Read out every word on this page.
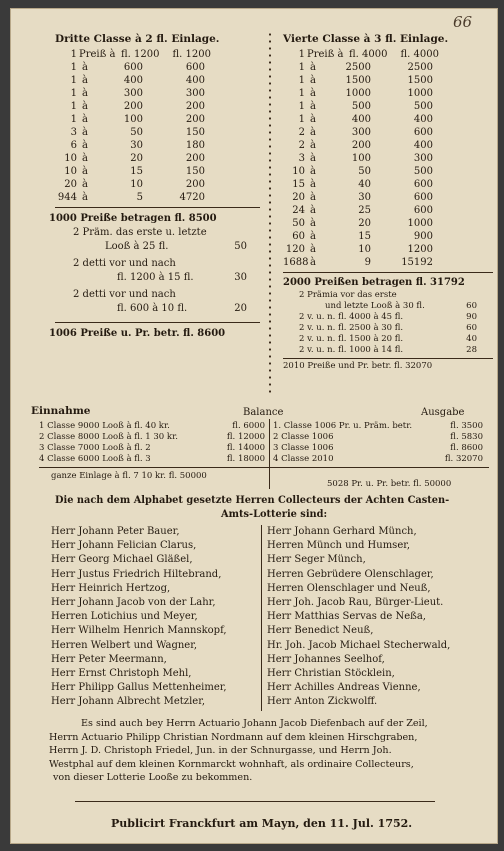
66
Dritte Classe à 2 fl. Einlage.
1 Preiß à fl. 1200	fl. 1200
1 à	600	600
1 à	400	400
1 à	300	300
1 à	200	200
1 à	100	200
3 à	50	150
6 à	30	180
10 à	20	200
10 à	15	150
20 à	10	200
944 à	5	4720
1000 Preiße betragen fl. 8500
2 Präm. das erste u. letzte
Looß à 25 fl.	50
2 detti vor und nach
fl. 1200 à 15 fl.	30
2 detti vor und nach
fl. 600 à 10 fl.	20
1006 Preiße u. Pr. betr. fl. 8600
Vierte Classe à 3 fl. Einlage.
1 Preiß à fl. 4000	fl. 4000
1 à	2500	2500
1 à	1500	1500
1 à	1000	1000
1 à	500	500
1 à	400	400
2 à	300	600
2 à	200	400
3 à	100	300
10 à	50	500
15 à	40	600
20 à	30	600
24 à	25	600
50 à	20	1000
60 à	15	900
120 à	10	1200
1688 à	9	15192
2000 Preißen betragen fl. 31792
2 Prämia vor das erste
und letzte Looß à 30 fl.	60
2 v. u. n. fl. 4000 à 45 fl.	90
2 v. u. n. fl. 2500 à 30 fl.	60
2 v. u. n. fl. 1500 à 20 fl.	40
2 v. u. n. fl. 1000 à 14 fl.	28
2010 Preiße und Pr. betr. fl. 32070
Einnahme	Balance	Ausgabe
1 Classe 9000 Looß à fl. 40 kr.	fl. 6000
2 Classe 8000 Looß à fl. 1 30 kr.	fl. 12000
3 Classe 7000 Looß à fl. 2	fl. 14000
4 Classe 6000 Looß à fl. 3	fl. 18000
1. Classe 1006 Pr. u. Präm. betr.	fl. 3500
2 Classe 1006	fl. 5830
3 Classe 1006	fl. 8600
4 Classe 2010	fl. 32070
ganze Einlage à fl. 7 10 kr. fl. 50000
5028 Pr. u. Pr. betr. fl. 50000
Die nach dem Alphabet gesetzte Herren Collecteurs der Achten Casten-
Amts-Lotterie sind:
Herr Johann Peter Bauer,
Herr Johann Felician Clarus,
Herr Georg Michael Gläßel,
Herr Justus Friedrich Hiltebrand,
Herr Heinrich Hertzog,
Herr Johann Jacob von der Lahr,
Herren Lotichius und Meyer,
Herr Wilhelm Henrich Mannskopf,
Herren Welbert und Wagner,
Herr Peter Meermann,
Herr Ernst Christoph Mehl,
Herr Philipp Gallus Mettenheimer,
Herr Johann Albrecht Metzler,
Herr Johann Gerhard Münch,
Herren Münch und Humser,
Herr Seger Münch,
Herren Gebrüdere Olenschlager,
Herren Olenschlager und Neuß,
Herr Joh. Jacob Rau, Bürger-Lieut.
Herr Matthias Servas de Neßa,
Herr Benedict Neuß,
Hr. Joh. Jacob Michael Stecherwald,
Herr Johannes Seelhof,
Herr Christian Stöcklein,
Herr Achilles Andreas Vienne,
Herr Anton Zickwolff.
Es sind auch bey Herrn Actuario Johann Jacob Diefenbach auf der Zeil,
Herrn Actuario Philipp Christian Nordmann auf dem kleinen Hirschgraben,
Herrn J. D. Christoph Friedel, Jun. in der Schnurgasse, und Herrn Joh.
Westphal auf dem kleinen Kornmarckt wohnhaft, als ordinaire Collecteurs,
von dieser Lotterie Looße zu bekommen.
Publicirt Franckfurt am Mayn, den 11. Jul. 1752.
